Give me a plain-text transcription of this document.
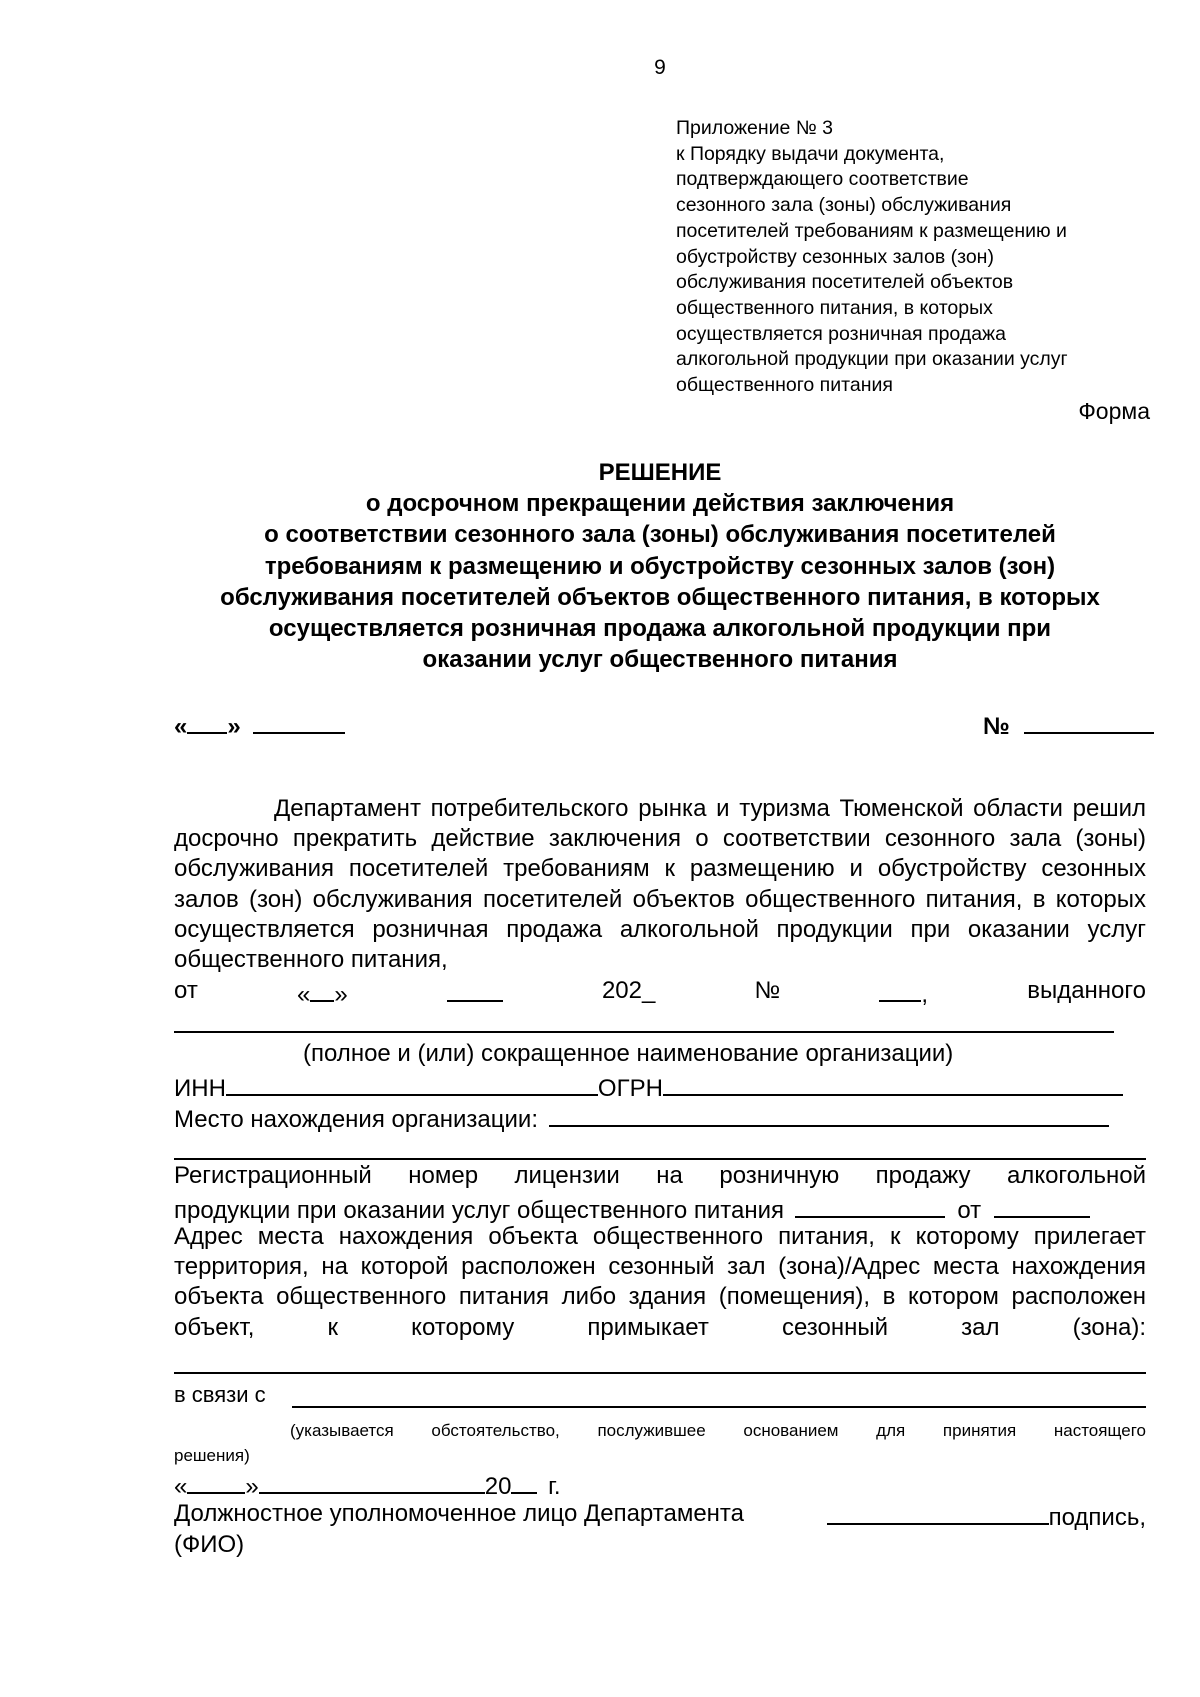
9
Приложение № 3
к Порядку выдачи документа,
подтверждающего соответствие
сезонного зала (зоны) обслуживания
посетителей требованиям к размещению и
обустройству сезонных залов (зон)
обслуживания посетителей объектов
общественного питания, в которых
осуществляется розничная продажа
алкогольной продукции при оказании услуг
общественного питания
Форма
РЕШЕНИЕ
о досрочном прекращении действия заключения
о соответствии сезонного зала (зоны) обслуживания посетителей
требованиям к размещению и обустройству сезонных залов (зон)
обслуживания посетителей объектов общественного питания, в которых
осуществляется розничная продажа алкогольной продукции при
оказании услуг общественного питания
« »	№
Департамент потребительского рынка и туризма Тюменской области решил досрочно прекратить действие заключения о соответствии сезонного зала (зоны) обслуживания посетителей требованиям к размещению и обустройству сезонных залов (зон) обслуживания посетителей объектов общественного питания, в которых осуществляется розничная продажа алкогольной продукции при оказании услуг общественного питания,
от	« »	202_	№	,	выданного
(полное и (или) сокращенное наименование организации)
ИНН	ОГРН
Место нахождения организации:
Регистрационный номер лицензии на розничную продажу алкогольной
продукции при оказании услуг общественного питания	от
Адрес места нахождения объекта общественного питания, к которому прилегает территория, на которой расположен сезонный зал (зона)/Адрес места нахождения объекта общественного питания либо здания (помещения), в котором расположен объект, к которому примыкает сезонный зал (зона):
в связи с
(указывается обстоятельство, послужившее основанием для принятия настоящего
решения)
« »	20 г.
Должностное уполномоченное лицо Департамента	подпись,
(ФИО)
